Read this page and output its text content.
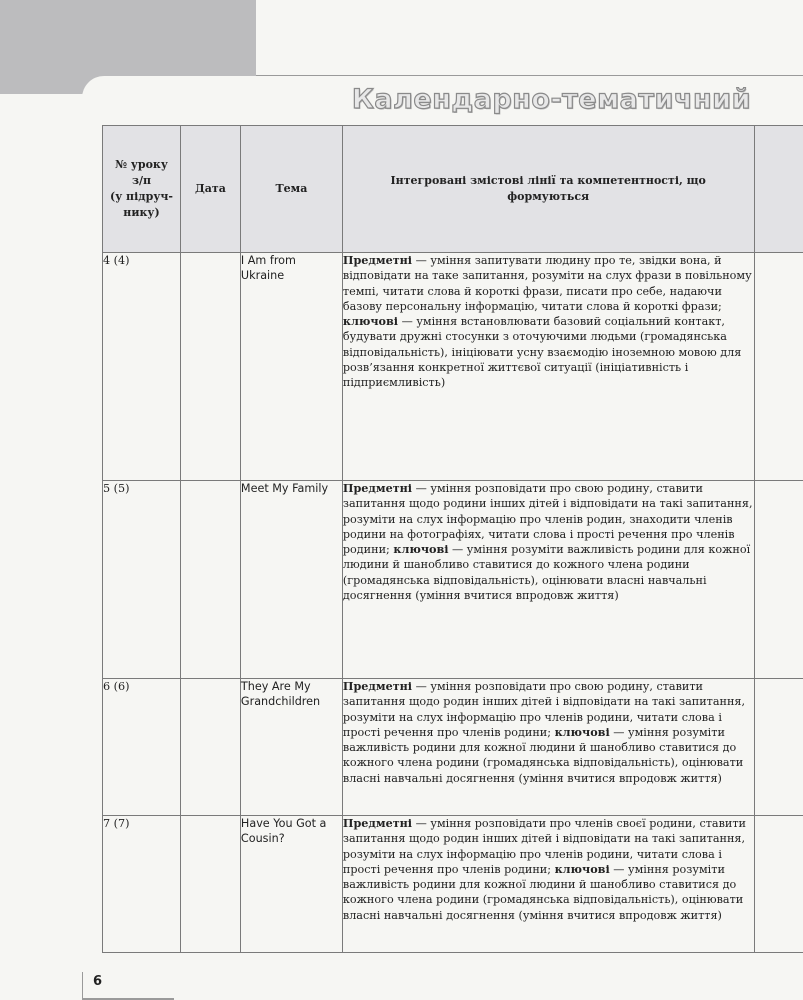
Календарно-тематичний
№ уроку
з/п
(у підруч-
нику)	Дата	Тема	Інтегровані змістові лінії та компетентності, що формуються	

4 (4)		I Am from Ukraine	Предметні — уміння запитувати людину про те, звідки вона, й відповідати на таке запитання, розуміти на слух фрази в повільному темпі, читати слова й короткі фрази, писати про себе, надаючи базову персональну інформацію, читати слова й короткі фрази; ключові — уміння встановлювати базовий соціальний контакт, будувати дружні стосунки з оточуючими людьми (громадянська відповідальність), ініціювати усну взаємодію іноземною мовою для розв’язання конкретної життєвої ситуації (ініціативність і підприємливість)	
5 (5)		Meet My Family	Предметні — уміння розповідати про свою родину, ставити запитання щодо родини інших дітей і відповідати на такі запитання, розуміти на слух інформацію про членів родин, знаходити членів родини на фотографіях, читати слова і прості речення про членів родини; ключові — уміння розуміти важливість родини для кожної людини й шанобливо ставитися до кожного члена родини (громадянська відповідальність), оцінювати власні навчальні досягнення (уміння вчитися впродовж життя)	
6 (6)		They Are My Grandchildren	Предметні — уміння розповідати про свою родину, ставити запитання щодо родин інших дітей і відповідати на такі запитання, розуміти на слух інформацію про членів родини, читати слова і прості речення про членів родини; ключові — уміння розуміти важливість родини для кожної людини й шанобливо ставитися до кожного члена родини (громадянська відповідальність), оцінювати власні навчальні досягнення (уміння вчитися впродовж життя)	
7 (7)		Have You Got a Cousin?	Предметні — уміння розповідати про членів своєї родини, ставити запитання щодо родин інших дітей і відповідати на такі запитання, розуміти на слух інформацію про членів родини, читати слова і прості речення про членів родини; ключові — уміння розуміти важливість родини для кожної людини й шанобливо ставитися до кожного члена родини (громадянська відповідальність), оцінювати власні навчальні досягнення (уміння вчитися впродовж життя)	
6
